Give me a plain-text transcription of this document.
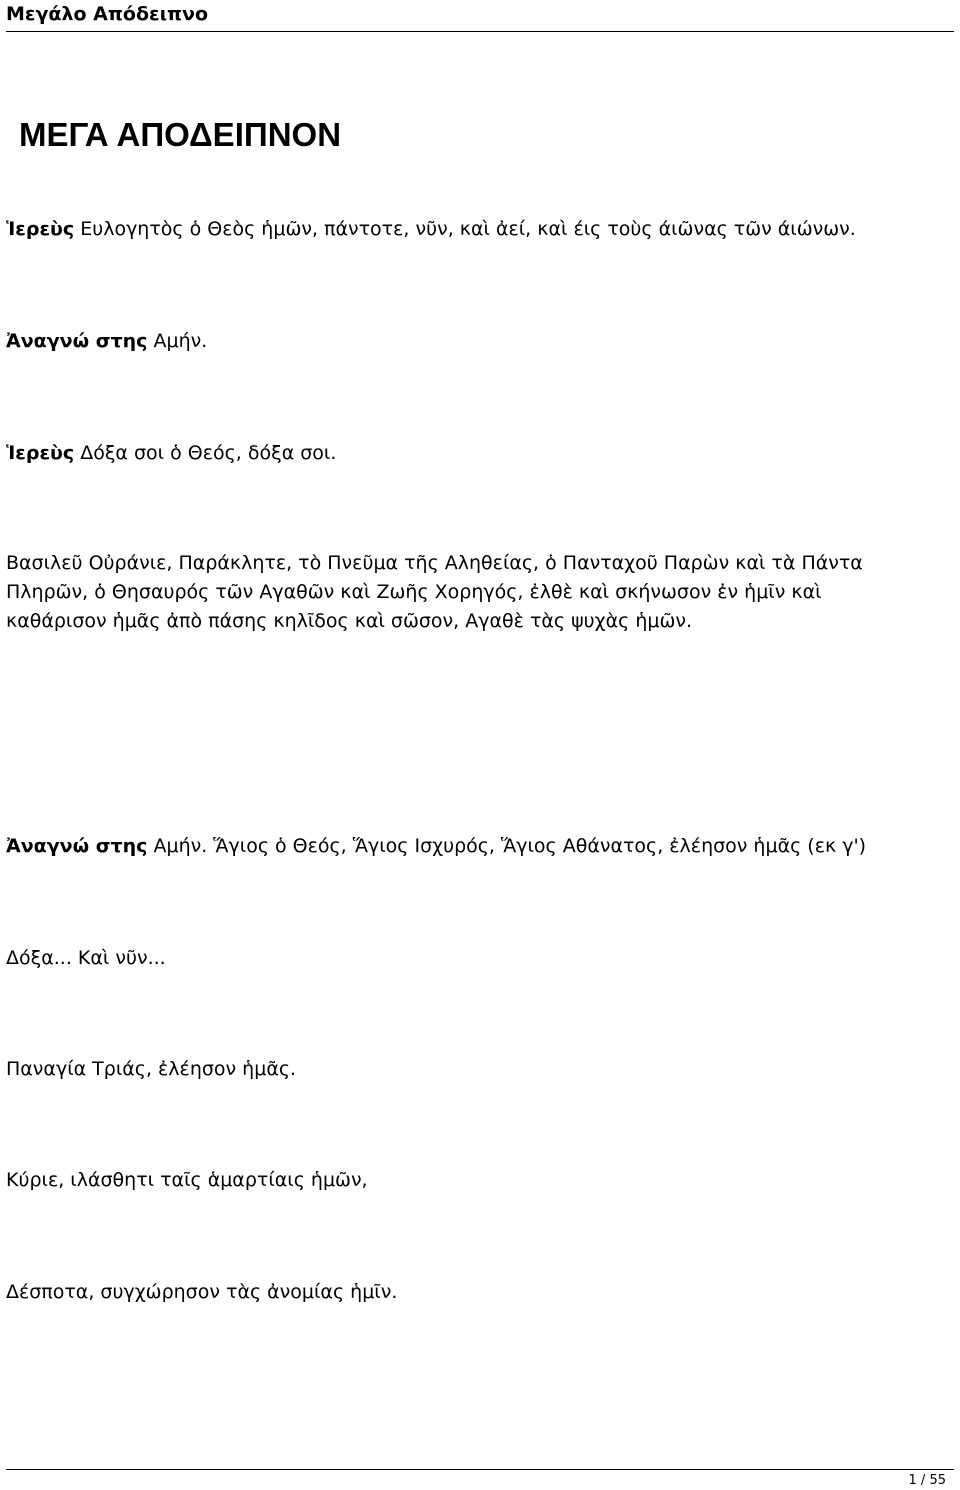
Μεγάλο Απόδειπνο
ΜΕΓΑ ΑΠΟΔΕΙΠΝΟΝ
Ἱερεὺς Ευλογητὸς ὁ Θεὸς ἡμῶν, πάντοτε, νῦν, καὶ ἀεί, καὶ έις τοὺς άιῶνας τῶν άιώνων.
Ἀναγνώ στης Αμήν.
Ἱερεὺς Δόξα σοι ὁ Θεός, δόξα σοι.
Βασιλεῦ Οὐράνιε, Παράκλητε, τὸ Πνεῦμα τῆς Αληθείας, ὁ Πανταχοῦ Παρὼν καὶ τὰ Πάντα
Πληρῶν, ὁ Θησαυρός τῶν Αγαθῶν καὶ Ζωῆς Χορηγός, ἐλθὲ καὶ σκήνωσον ἐν ἡμῖν καὶ
καθάρισον ἡμᾶς ἀπὸ πάσης κηλῖδος καὶ σῶσον, Αγαθὲ τὰς ψυχὰς ἡμῶν.
Ἀναγνώ στης Αμήν. Ἅγιος ὁ Θεός, Ἅγιος Ισχυρός, Ἅγιος Αθάνατος, ἐλέησον ἡμᾶς (εκ γ')
Δόξα... Καὶ νῦν...
Παναγία Τριάς, ἐλέησον ἡμᾶς.
Κύριε, ιλάσθητι ταῖς ἁμαρτίαις ἡμῶν,
Δέσποτα, συγχώρησον τὰς ἀνομίας ἡμῖν.
1 / 55
